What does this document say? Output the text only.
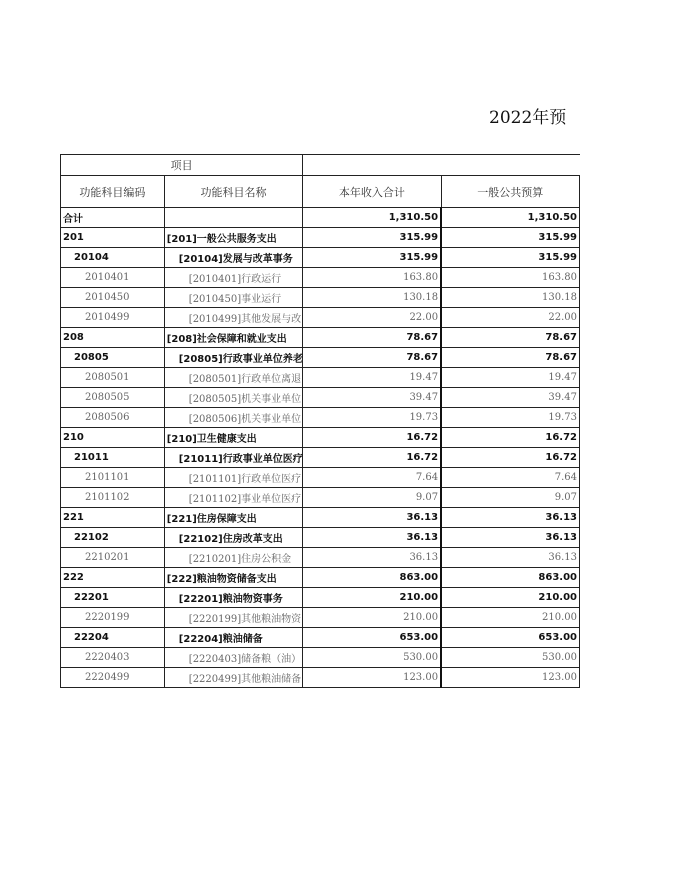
2022年预
项目			
功能科目编码	功能科目名称	本年收入合计	一般公共预算
合计		1,310.50	1,310.50
201	[201]一般公共服务支出	315.99	315.99
20104	[20104]发展与改革事务	315.99	315.99
2010401	[2010401]行政运行	163.80	163.80
2010450	[2010450]事业运行	130.18	130.18
2010499	[2010499]其他发展与改	22.00	22.00
208	[208]社会保障和就业支出	78.67	78.67
20805	[20805]行政事业单位养老	78.67	78.67
2080501	[2080501]行政单位离退	19.47	19.47
2080505	[2080505]机关事业单位	39.47	39.47
2080506	[2080506]机关事业单位	19.73	19.73
210	[210]卫生健康支出	16.72	16.72
21011	[21011]行政事业单位医疗	16.72	16.72
2101101	[2101101]行政单位医疗	7.64	7.64
2101102	[2101102]事业单位医疗	9.07	9.07
221	[221]住房保障支出	36.13	36.13
22102	[22102]住房改革支出	36.13	36.13
2210201	[2210201]住房公积金	36.13	36.13
222	[222]粮油物资储备支出	863.00	863.00
22201	[22201]粮油物资事务	210.00	210.00
2220199	[2220199]其他粮油物资	210.00	210.00
22204	[22204]粮油储备	653.00	653.00
2220403	[2220403]储备粮（油）	530.00	530.00
2220499	[2220499]其他粮油储备	123.00	123.00
